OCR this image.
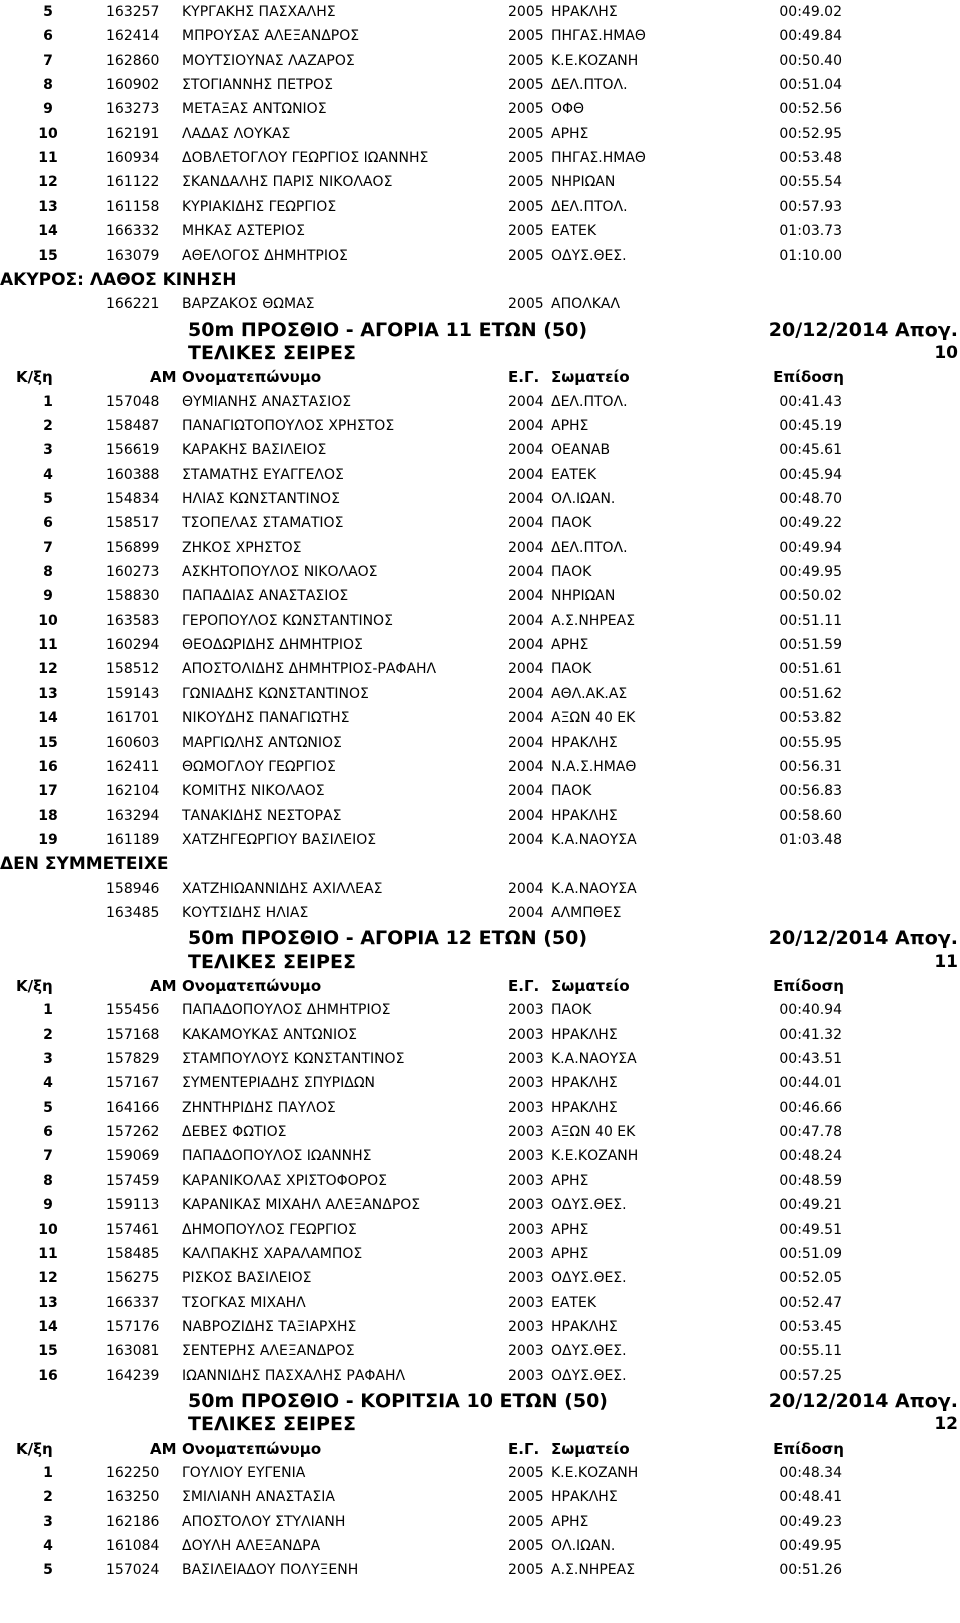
5	163257	ΚΥΡΓΑΚΗΣ ΠΑΣΧΑΛΗΣ	2005 ΗΡΑΚΛΗΣ	00:49.02
6	162414	ΜΠΡΟΥΣΑΣ ΑΛΕΞΑΝΔΡΟΣ	2005 ΠΗΓΑΣ.ΗΜΑΘ	00:49.84
7	162860	ΜΟΥΤΣΙΟΥΝΑΣ ΛΑΖΑΡΟΣ	2005 Κ.Ε.ΚΟΖΑΝΗ	00:50.40
8	160902	ΣΤΟΓΙΑΝΝΗΣ ΠΕΤΡΟΣ	2005 ΔΕΛ.ΠΤΟΛ.	00:51.04
9	163273	ΜΕΤΑΞΑΣ ΑΝΤΩΝΙΟΣ	2005 ΟΦΘ	00:52.56
10	162191	ΛΑΔΑΣ ΛΟΥΚΑΣ	2005 ΑΡΗΣ	00:52.95
11	160934	ΔΟΒΛΕΤΟΓΛΟΥ ΓΕΩΡΓΙΟΣ ΙΩΑΝΝΗΣ	2005 ΠΗΓΑΣ.ΗΜΑΘ	00:53.48
12	161122	ΣΚΑΝΔΑΛΗΣ ΠΑΡΙΣ ΝΙΚΟΛΑΟΣ	2005 ΝΗΡΙΩΑΝ	00:55.54
13	161158	ΚΥΡΙΑΚΙΔΗΣ ΓΕΩΡΓΙΟΣ	2005 ΔΕΛ.ΠΤΟΛ.	00:57.93
14	166332	ΜΗΚΑΣ ΑΣΤΕΡΙΟΣ	2005 ΕΑΤΕΚ	01:03.73
15	163079	ΑΘΕΛΟΓΟΣ ΔΗΜΗΤΡΙΟΣ	2005 ΟΔΥΣ.ΘΕΣ.	01:10.00
ΑΚΥΡΟΣ: ΛΑΘΟΣ ΚΙΝΗΣΗ
166221	ΒΑΡΖΑΚΟΣ ΘΩΜΑΣ	2005 ΑΠΟΛΚΑΛ
50m ΠΡΟΣΘΙΟ - ΑΓΟΡΙΑ 11 ΕΤΩΝ (50)	20/12/2014 Απογ.
ΤΕΛΙΚΕΣ ΣΕΙΡΕΣ	10
Κ/ξη	ΑΜ Ονοματεπώνυμο	Ε.Γ. Σωματείο	Επίδοση
1	157048	ΘΥΜΙΑΝΗΣ ΑΝΑΣΤΑΣΙΟΣ	2004 ΔΕΛ.ΠΤΟΛ.	00:41.43
2	158487	ΠΑΝΑΓΙΩΤΟΠΟΥΛΟΣ ΧΡΗΣΤΟΣ	2004 ΑΡΗΣ	00:45.19
3	156619	ΚΑΡΑΚΗΣ ΒΑΣΙΛΕΙΟΣ	2004 ΟΕΑΝΑΒ	00:45.61
4	160388	ΣΤΑΜΑΤΗΣ ΕΥΑΓΓΕΛΟΣ	2004 ΕΑΤΕΚ	00:45.94
5	154834	ΗΛΙΑΣ ΚΩΝΣΤΑΝΤΙΝΟΣ	2004 ΟΛ.ΙΩΑΝ.	00:48.70
6	158517	ΤΣΟΠΕΛΑΣ ΣΤΑΜΑΤΙΟΣ	2004 ΠΑΟΚ	00:49.22
7	156899	ΖΗΚΟΣ ΧΡΗΣΤΟΣ	2004 ΔΕΛ.ΠΤΟΛ.	00:49.94
8	160273	ΑΣΚΗΤΟΠΟΥΛΟΣ ΝΙΚΟΛΑΟΣ	2004 ΠΑΟΚ	00:49.95
9	158830	ΠΑΠΑΔΙΑΣ ΑΝΑΣΤΑΣΙΟΣ	2004 ΝΗΡΙΩΑΝ	00:50.02
10	163583	ΓΕΡΟΠΟΥΛΟΣ ΚΩΝΣΤΑΝΤΙΝΟΣ	2004 Α.Σ.ΝΗΡΕΑΣ	00:51.11
11	160294	ΘΕΟΔΩΡΙΔΗΣ ΔΗΜΗΤΡΙΟΣ	2004 ΑΡΗΣ	00:51.59
12	158512	ΑΠΟΣΤΟΛΙΔΗΣ ΔΗΜΗΤΡΙΟΣ-ΡΑΦΑΗΛ	2004 ΠΑΟΚ	00:51.61
13	159143	ΓΩΝΙΑΔΗΣ ΚΩΝΣΤΑΝΤΙΝΟΣ	2004 ΑΘΛ.ΑΚ.ΑΣ	00:51.62
14	161701	ΝΙΚΟΥΔΗΣ ΠΑΝΑΓΙΩΤΗΣ	2004 ΑΞΩΝ 40 ΕΚ	00:53.82
15	160603	ΜΑΡΓΙΩΛΗΣ ΑΝΤΩΝΙΟΣ	2004 ΗΡΑΚΛΗΣ	00:55.95
16	162411	ΘΩΜΟΓΛΟΥ ΓΕΩΡΓΙΟΣ	2004 Ν.Α.Σ.ΗΜΑΘ	00:56.31
17	162104	ΚΟΜΙΤΗΣ ΝΙΚΟΛΑΟΣ	2004 ΠΑΟΚ	00:56.83
18	163294	ΤΑΝΑΚΙΔΗΣ ΝΕΣΤΟΡΑΣ	2004 ΗΡΑΚΛΗΣ	00:58.60
19	161189	ΧΑΤΖΗΓΕΩΡΓΙΟΥ ΒΑΣΙΛΕΙΟΣ	2004 Κ.Α.ΝΑΟΥΣΑ	01:03.48
ΔΕΝ ΣΥΜΜΕΤΕΙΧΕ
158946	ΧΑΤΖΗΙΩΑΝΝΙΔΗΣ ΑΧΙΛΛΕΑΣ	2004 Κ.Α.ΝΑΟΥΣΑ
163485	ΚΟΥΤΣΙΔΗΣ ΗΛΙΑΣ	2004 ΑΛΜΠΘΕΣ
50m ΠΡΟΣΘΙΟ - ΑΓΟΡΙΑ 12 ΕΤΩΝ (50)	20/12/2014 Απογ.
ΤΕΛΙΚΕΣ ΣΕΙΡΕΣ	11
Κ/ξη	ΑΜ Ονοματεπώνυμο	Ε.Γ. Σωματείο	Επίδοση
1	155456	ΠΑΠΑΔΟΠΟΥΛΟΣ ΔΗΜΗΤΡΙΟΣ	2003 ΠΑΟΚ	00:40.94
2	157168	ΚΑΚΑΜΟΥΚΑΣ ΑΝΤΩΝΙΟΣ	2003 ΗΡΑΚΛΗΣ	00:41.32
3	157829	ΣΤΑΜΠΟΥΛΟΥΣ ΚΩΝΣΤΑΝΤΙΝΟΣ	2003 Κ.Α.ΝΑΟΥΣΑ	00:43.51
4	157167	ΣΥΜΕΝΤΕΡΙΑΔΗΣ ΣΠΥΡΙΔΩΝ	2003 ΗΡΑΚΛΗΣ	00:44.01
5	164166	ΖΗΝΤΗΡΙΔΗΣ ΠΑΥΛΟΣ	2003 ΗΡΑΚΛΗΣ	00:46.66
6	157262	ΔΕΒΕΣ ΦΩΤΙΟΣ	2003 ΑΞΩΝ 40 ΕΚ	00:47.78
7	159069	ΠΑΠΑΔΟΠΟΥΛΟΣ ΙΩΑΝΝΗΣ	2003 Κ.Ε.ΚΟΖΑΝΗ	00:48.24
8	157459	ΚΑΡΑΝΙΚΟΛΑΣ ΧΡΙΣΤΟΦΟΡΟΣ	2003 ΑΡΗΣ	00:48.59
9	159113	ΚΑΡΑΝΙΚΑΣ ΜΙΧΑΗΛ ΑΛΕΞΑΝΔΡΟΣ	2003 ΟΔΥΣ.ΘΕΣ.	00:49.21
10	157461	ΔΗΜΟΠΟΥΛΟΣ ΓΕΩΡΓΙΟΣ	2003 ΑΡΗΣ	00:49.51
11	158485	ΚΑΛΠΑΚΗΣ ΧΑΡΑΛΑΜΠΟΣ	2003 ΑΡΗΣ	00:51.09
12	156275	ΡΙΣΚΟΣ ΒΑΣΙΛΕΙΟΣ	2003 ΟΔΥΣ.ΘΕΣ.	00:52.05
13	166337	ΤΣΟΓΚΑΣ ΜΙΧΑΗΛ	2003 ΕΑΤΕΚ	00:52.47
14	157176	ΝΑΒΡΟΖΙΔΗΣ ΤΑΞΙΑΡΧΗΣ	2003 ΗΡΑΚΛΗΣ	00:53.45
15	163081	ΣΕΝΤΕΡΗΣ ΑΛΕΞΑΝΔΡΟΣ	2003 ΟΔΥΣ.ΘΕΣ.	00:55.11
16	164239	ΙΩΑΝΝΙΔΗΣ ΠΑΣΧΑΛΗΣ ΡΑΦΑΗΛ	2003 ΟΔΥΣ.ΘΕΣ.	00:57.25
50m ΠΡΟΣΘΙΟ - ΚΟΡΙΤΣΙΑ 10 ΕΤΩΝ (50)	20/12/2014 Απογ.
ΤΕΛΙΚΕΣ ΣΕΙΡΕΣ	12
Κ/ξη	ΑΜ Ονοματεπώνυμο	Ε.Γ. Σωματείο	Επίδοση
1	162250	ΓΟΥΛΙΟΥ ΕΥΓΕΝΙΑ	2005 Κ.Ε.ΚΟΖΑΝΗ	00:48.34
2	163250	ΣΜΙΛΙΑΝΗ ΑΝΑΣΤΑΣΙΑ	2005 ΗΡΑΚΛΗΣ	00:48.41
3	162186	ΑΠΟΣΤΟΛΟΥ ΣΤΥΛΙΑΝΗ	2005 ΑΡΗΣ	00:49.23
4	161084	ΔΟΥΛΗ ΑΛΕΞΑΝΔΡΑ	2005 ΟΛ.ΙΩΑΝ.	00:49.95
5	157024	ΒΑΣΙΛΕΙΑΔΟΥ ΠΟΛΥΞΕΝΗ	2005 Α.Σ.ΝΗΡΕΑΣ	00:51.26
